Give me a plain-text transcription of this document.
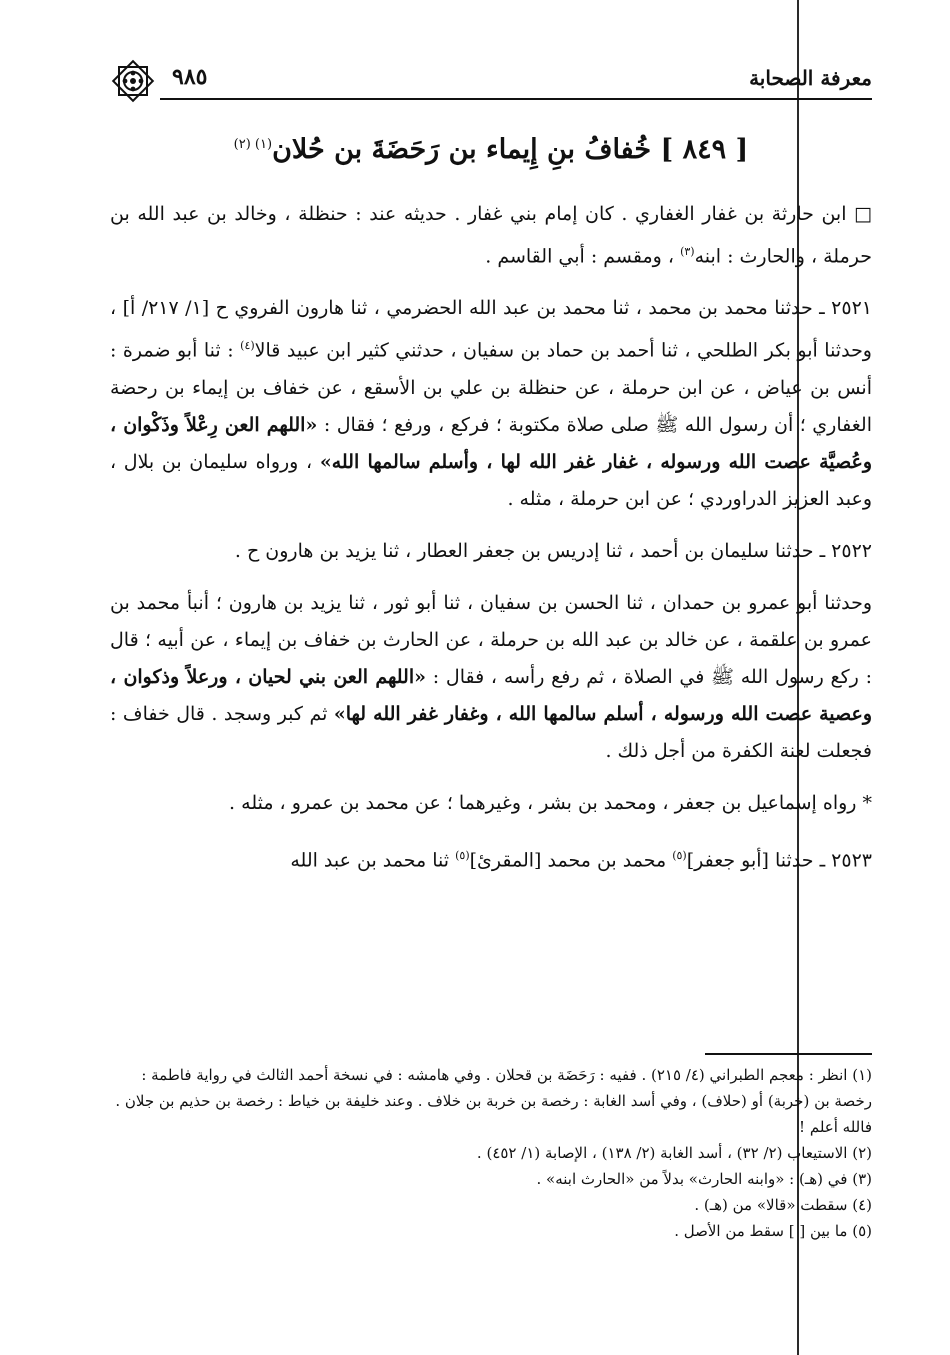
معرفة الصحابة
٩٨٥
[ ٨٤٩ ] خُفافُ بنِ إِيماء بن رَحَضَةَ بن حُلان$^{(١) (٢)}$

□ ابن حارثة بن غفار الغفاري . كان إمام بني غفار . حديثه عند : حنظلة ، وخالد بن عبد الله بن حرملة ، والحارث : ابنه$^{(٣)}$ ، ومقسم : أبي القاسم .

٢٥٢١ ـ حدثنا محمد بن محمد ، ثنا محمد بن عبد الله الحضرمي ، ثنا هارون الفروي ح [١/ ٢١٧/ أ] ، وحدثنا أبو بكر الطلحي ، ثنا أحمد بن حماد بن سفيان ، حدثني كثير ابن عبيد قالا$^{(٤)}$ : ثنا أبو ضمرة : أنس بن عياض ، عن ابن حرملة ، عن حنظلة بن علي بن الأسقع ، عن خفاف بن إيماء بن رحضة الغفاري ؛ أن رسول الله ﷺ صلى صلاة مكتوبة ؛ فركع ، ورفع ؛ فقال : «اللهم العن رِعْلاً وذَكْوان ، وعُصيَّة عصت الله ورسوله ، غفار غفر الله لها ، وأسلم سالمها الله» ، ورواه سليمان بن بلال ، وعبد العزيز الدراوردي ؛ عن ابن حرملة ، مثله .

٢٥٢٢ ـ حدثنا سليمان بن أحمد ، ثنا إدريس بن جعفر العطار ، ثنا يزيد بن هارون ح .

وحدثنا أبو عمرو بن حمدان ، ثنا الحسن بن سفيان ، ثنا أبو ثور ، ثنا يزيد بن هارون ؛ أنبأ محمد بن عمرو بن علقمة ، عن خالد بن عبد الله بن حرملة ، عن الحارث بن خفاف بن إيماء ، عن أبيه ؛ قال : ركع رسول الله ﷺ في الصلاة ، ثم رفع رأسه ، فقال : «اللهم العن بني لحيان ، ورعلاً وذكوان ، وعصية عصت الله ورسوله ، أسلم سالمها الله ، وغفار غفر الله لها» ثم كبر وسجد . قال خفاف : فجعلت لعنة الكفرة من أجل ذلك .

* رواه إسماعيل بن جعفر ، ومحمد بن بشر ، وغيرهما ؛ عن محمد بن عمرو ، مثله .

٢٥٢٣ ـ حدثنا [أبو جعفر]$^{(٥)}$ محمد بن محمد [المقرئ]$^{(٥)}$ ثنا محمد بن عبد الله

(١) انظر : معجم الطبراني (٤/ ٢١٥) . ففيه : رَحَضَة بن قحلان . وفي هامشه : في نسخة أحمد الثالث في رواية فاطمة : رخصة بن (خربة) أو (حلاف) ، وفي أسد الغابة : رخصة بن خربة بن خلاف . وعند خليفة بن خياط : رخصة بن حذيم بن جلان . فالله أعلم !

(٢) الاستيعاب (٢/ ٣٢) ، أسد الغابة (٢/ ١٣٨) ، الإصابة (١/ ٤٥٢) .

(٣) في (هـ) : «وابنه الحارث» بدلاً من «الحارث ابنه» .

(٤) سقطت «قالا» من (هـ) .

(٥) ما بين [ ] سقط من الأصل .
